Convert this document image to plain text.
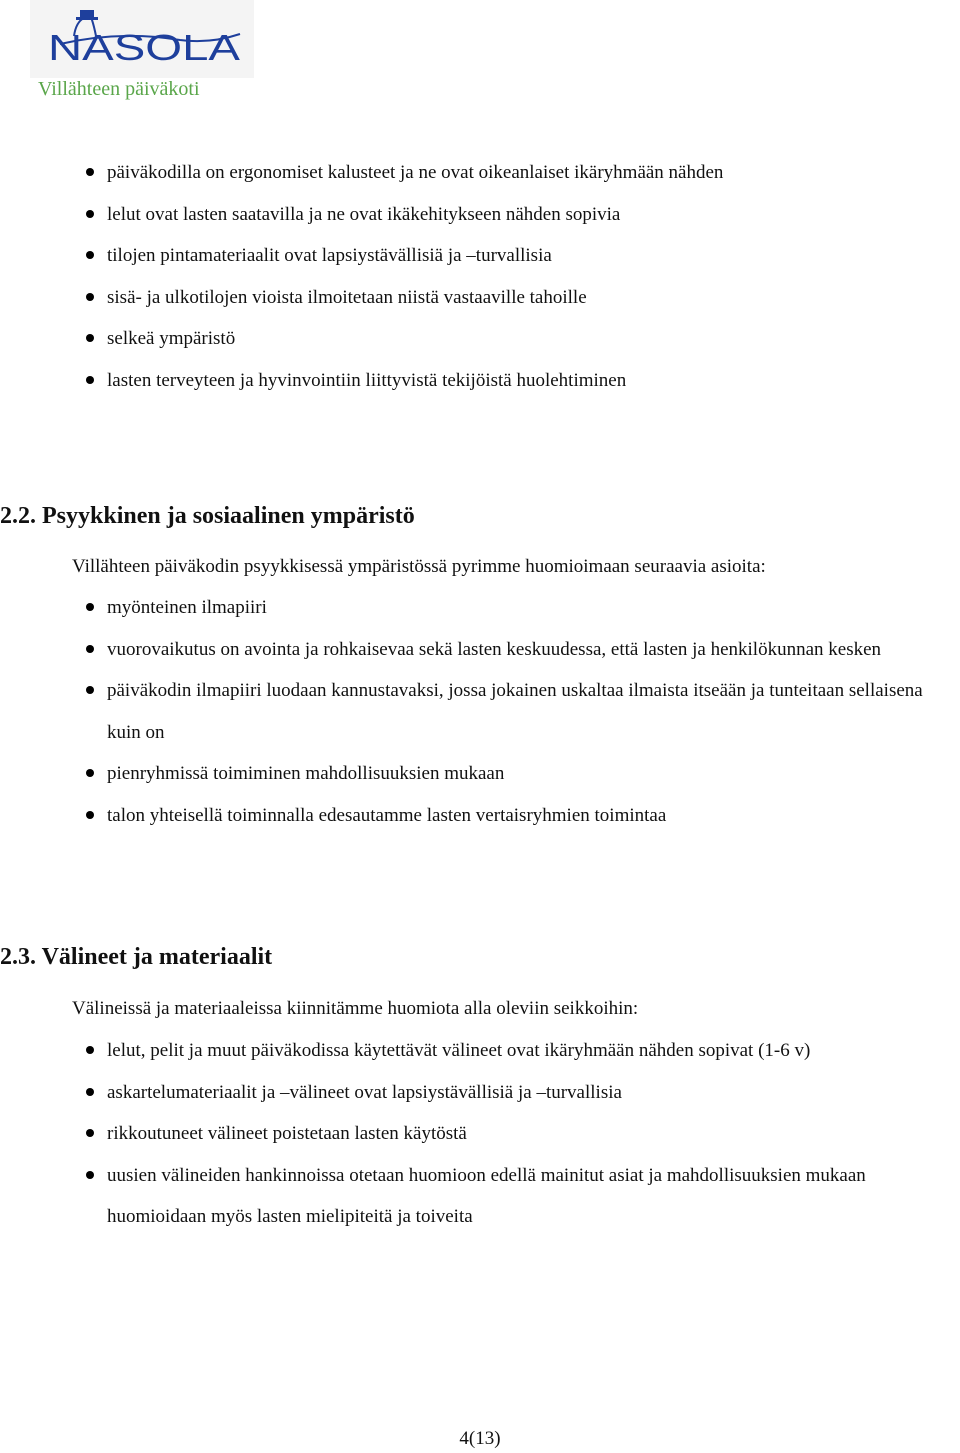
NASOLA
Villähteen päiväkoti
päiväkodilla on ergonomiset kalusteet ja ne ovat oikeanlaiset ikäryhmään nähden
lelut ovat lasten saatavilla ja ne ovat ikäkehitykseen nähden sopivia
tilojen pintamateriaalit ovat lapsiystävällisiä ja –turvallisia
sisä- ja ulkotilojen vioista ilmoitetaan niistä vastaaville tahoille
selkeä ympäristö
lasten terveyteen ja hyvinvointiin liittyvistä tekijöistä huolehtiminen
2.2. Psyykkinen ja sosiaalinen ympäristö

Villähteen päiväkodin psyykkisessä ympäristössä pyrimme huomioimaan seuraavia asioita:

myönteinen ilmapiiri
vuorovaikutus on avointa ja rohkaisevaa sekä lasten keskuudessa, että lasten ja henkilökunnan kesken
päiväkodin ilmapiiri luodaan kannustavaksi, jossa jokainen uskaltaa ilmaista itseään ja tunteitaan sellaisena kuin on
pienryhmissä toimiminen mahdollisuuksien mukaan
talon yhteisellä toiminnalla edesautamme lasten vertaisryhmien toimintaa
2.3. Välineet ja materiaalit

Välineissä ja materiaaleissa kiinnitämme huomiota alla oleviin seikkoihin:

lelut, pelit ja muut päiväkodissa käytettävät välineet ovat ikäryhmään nähden sopivat (1-6 v)
askartelumateriaalit ja –välineet ovat lapsiystävällisiä ja –turvallisia
rikkoutuneet välineet poistetaan lasten käytöstä
uusien välineiden hankinnoissa otetaan huomioon edellä mainitut asiat ja mahdollisuuksien mukaan huomioidaan myös lasten mielipiteitä ja toiveita
4(13)
